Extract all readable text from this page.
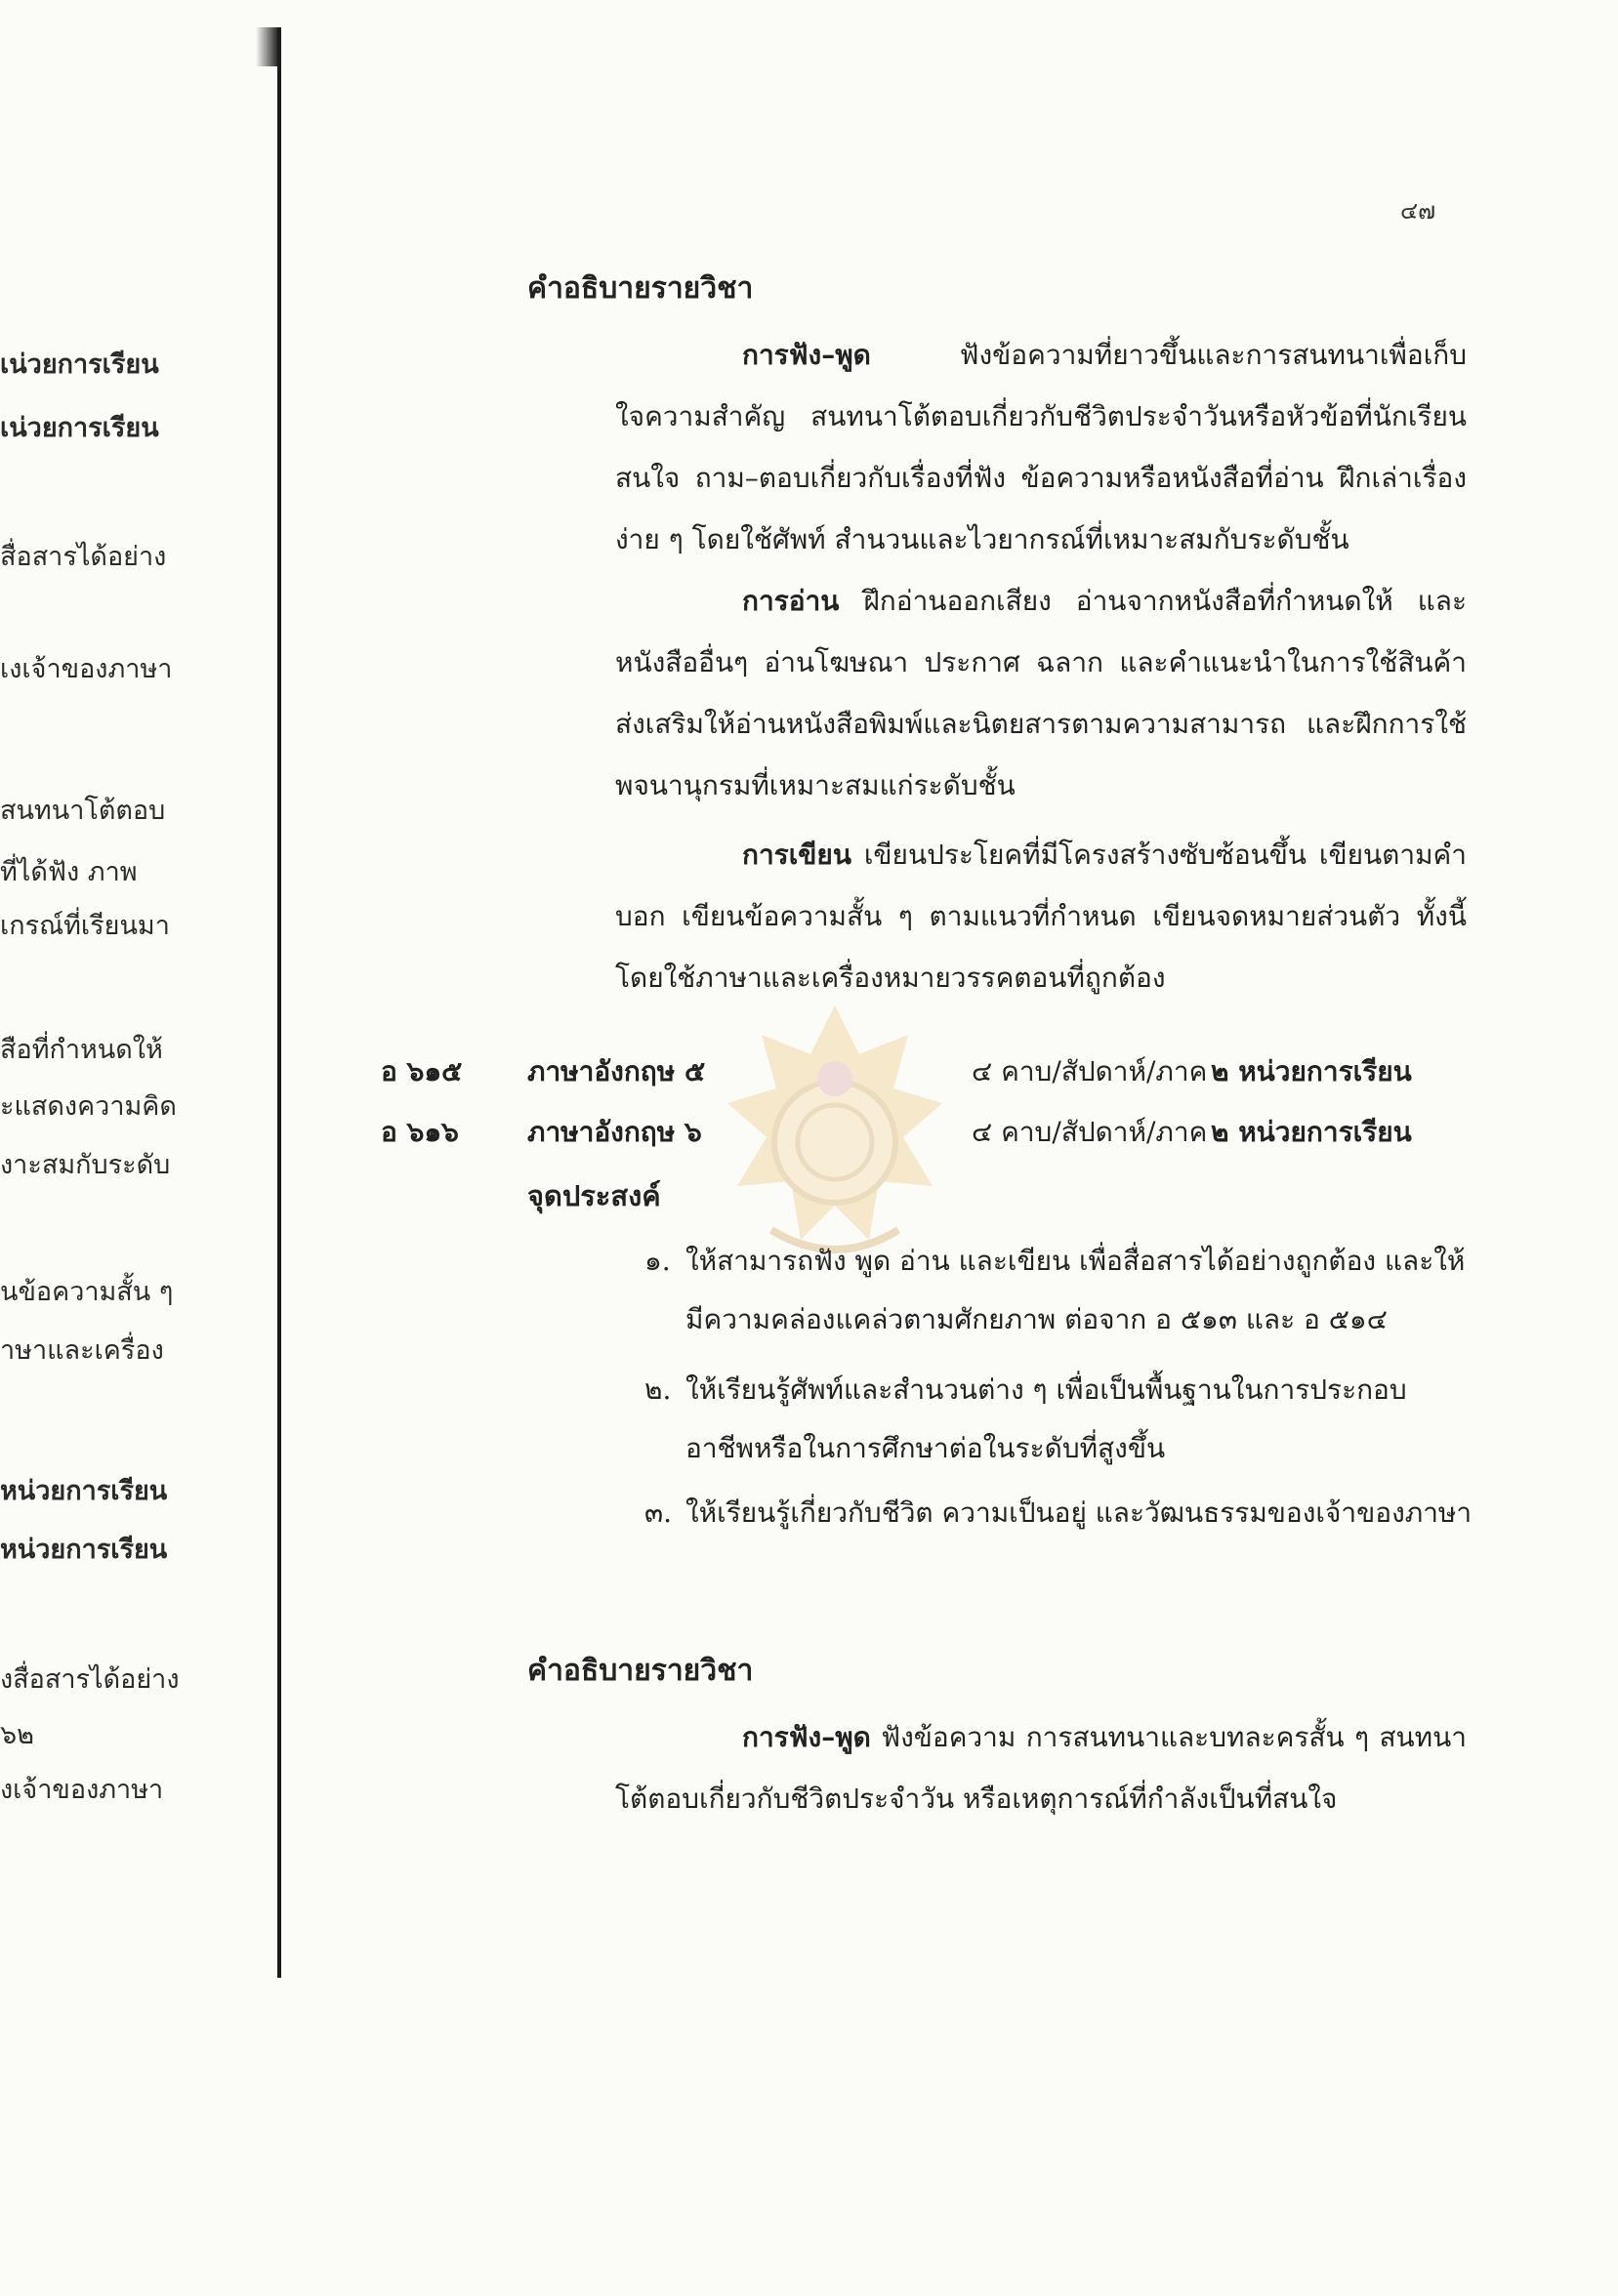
เน่วยการเรียน
เน่วยการเรียน
สื่อสารได้อย่าง
เงเจ้าของภาษา
สนทนาโต้ตอบ
ที่ได้ฟัง ภาพ
เกรณ์ที่เรียนมา
สือที่กำหนดให้
ะแสดงความคิด
งาะสมกับระดับ
นข้อความสั้น ๆ
าษาและเครื่อง
หน่วยการเรียน
หน่วยการเรียน
งสื่อสารได้อย่าง
๖๒
งเจ้าของภาษา
๔๗
คำอธิบายรายวิชา
การฟัง–พูด ฟังข้อความที่ยาวขึ้นและการสนทนาเพื่อเก็บใจความสำคัญ สนทนาโต้ตอบเกี่ยวกับชีวิตประจำวันหรือหัวข้อที่นักเรียนสนใจ ถาม–ตอบเกี่ยวกับเรื่องที่ฟัง ข้อความหรือหนังสือที่อ่าน ฝึกเล่าเรื่องง่าย ๆ โดยใช้ศัพท์ สำนวนและไวยากรณ์ที่เหมาะสมกับระดับชั้น
การอ่าน ฝึกอ่านออกเสียง อ่านจากหนังสือที่กำหนดให้ และหนังสืออื่นๆ อ่านโฆษณา ประกาศ ฉลาก และคำแนะนำในการใช้สินค้า ส่งเสริมให้อ่านหนังสือพิมพ์และนิตยสารตามความสามารถ และฝึกการใช้พจนานุกรมที่เหมาะสมแก่ระดับชั้น
การเขียน เขียนประโยคที่มีโครงสร้างซับซ้อนขึ้น เขียนตามคำบอก เขียนข้อความสั้น ๆ ตามแนวที่กำหนด เขียนจดหมายส่วนตัว ทั้งนี้โดยใช้ภาษาและเครื่องหมายวรรคตอนที่ถูกต้อง
อ ๖๑๕ ภาษาอังกฤษ ๕	๔ คาบ/สัปดาห์/ภาค ๒ หน่วยการเรียน
อ ๖๑๖	ภาษาอังกฤษ ๖	๔ คาบ/สัปดาห์/ภาค ๒ หน่วยการเรียน
จุดประสงค์
๑. ให้สามารถฟัง พูด อ่าน และเขียน เพื่อสื่อสารได้อย่างถูกต้อง และให้มีความคล่องแคล่วตามศักยภาพ ต่อจาก อ ๕๑๓ และ อ ๕๑๔
๒. ให้เรียนรู้ศัพท์และสำนวนต่าง ๆ เพื่อเป็นพื้นฐานในการประกอบอาชีพหรือในการศึกษาต่อในระดับที่สูงขึ้น
๓. ให้เรียนรู้เกี่ยวกับชีวิต ความเป็นอยู่ และวัฒนธรรมของเจ้าของภาษา
คำอธิบายรายวิชา
การฟัง–พูด ฟังข้อความ การสนทนาและบทละครสั้น ๆ สนทนาโต้ตอบเกี่ยวกับชีวิตประจำวัน หรือเหตุการณ์ที่กำลังเป็นที่สนใจ
